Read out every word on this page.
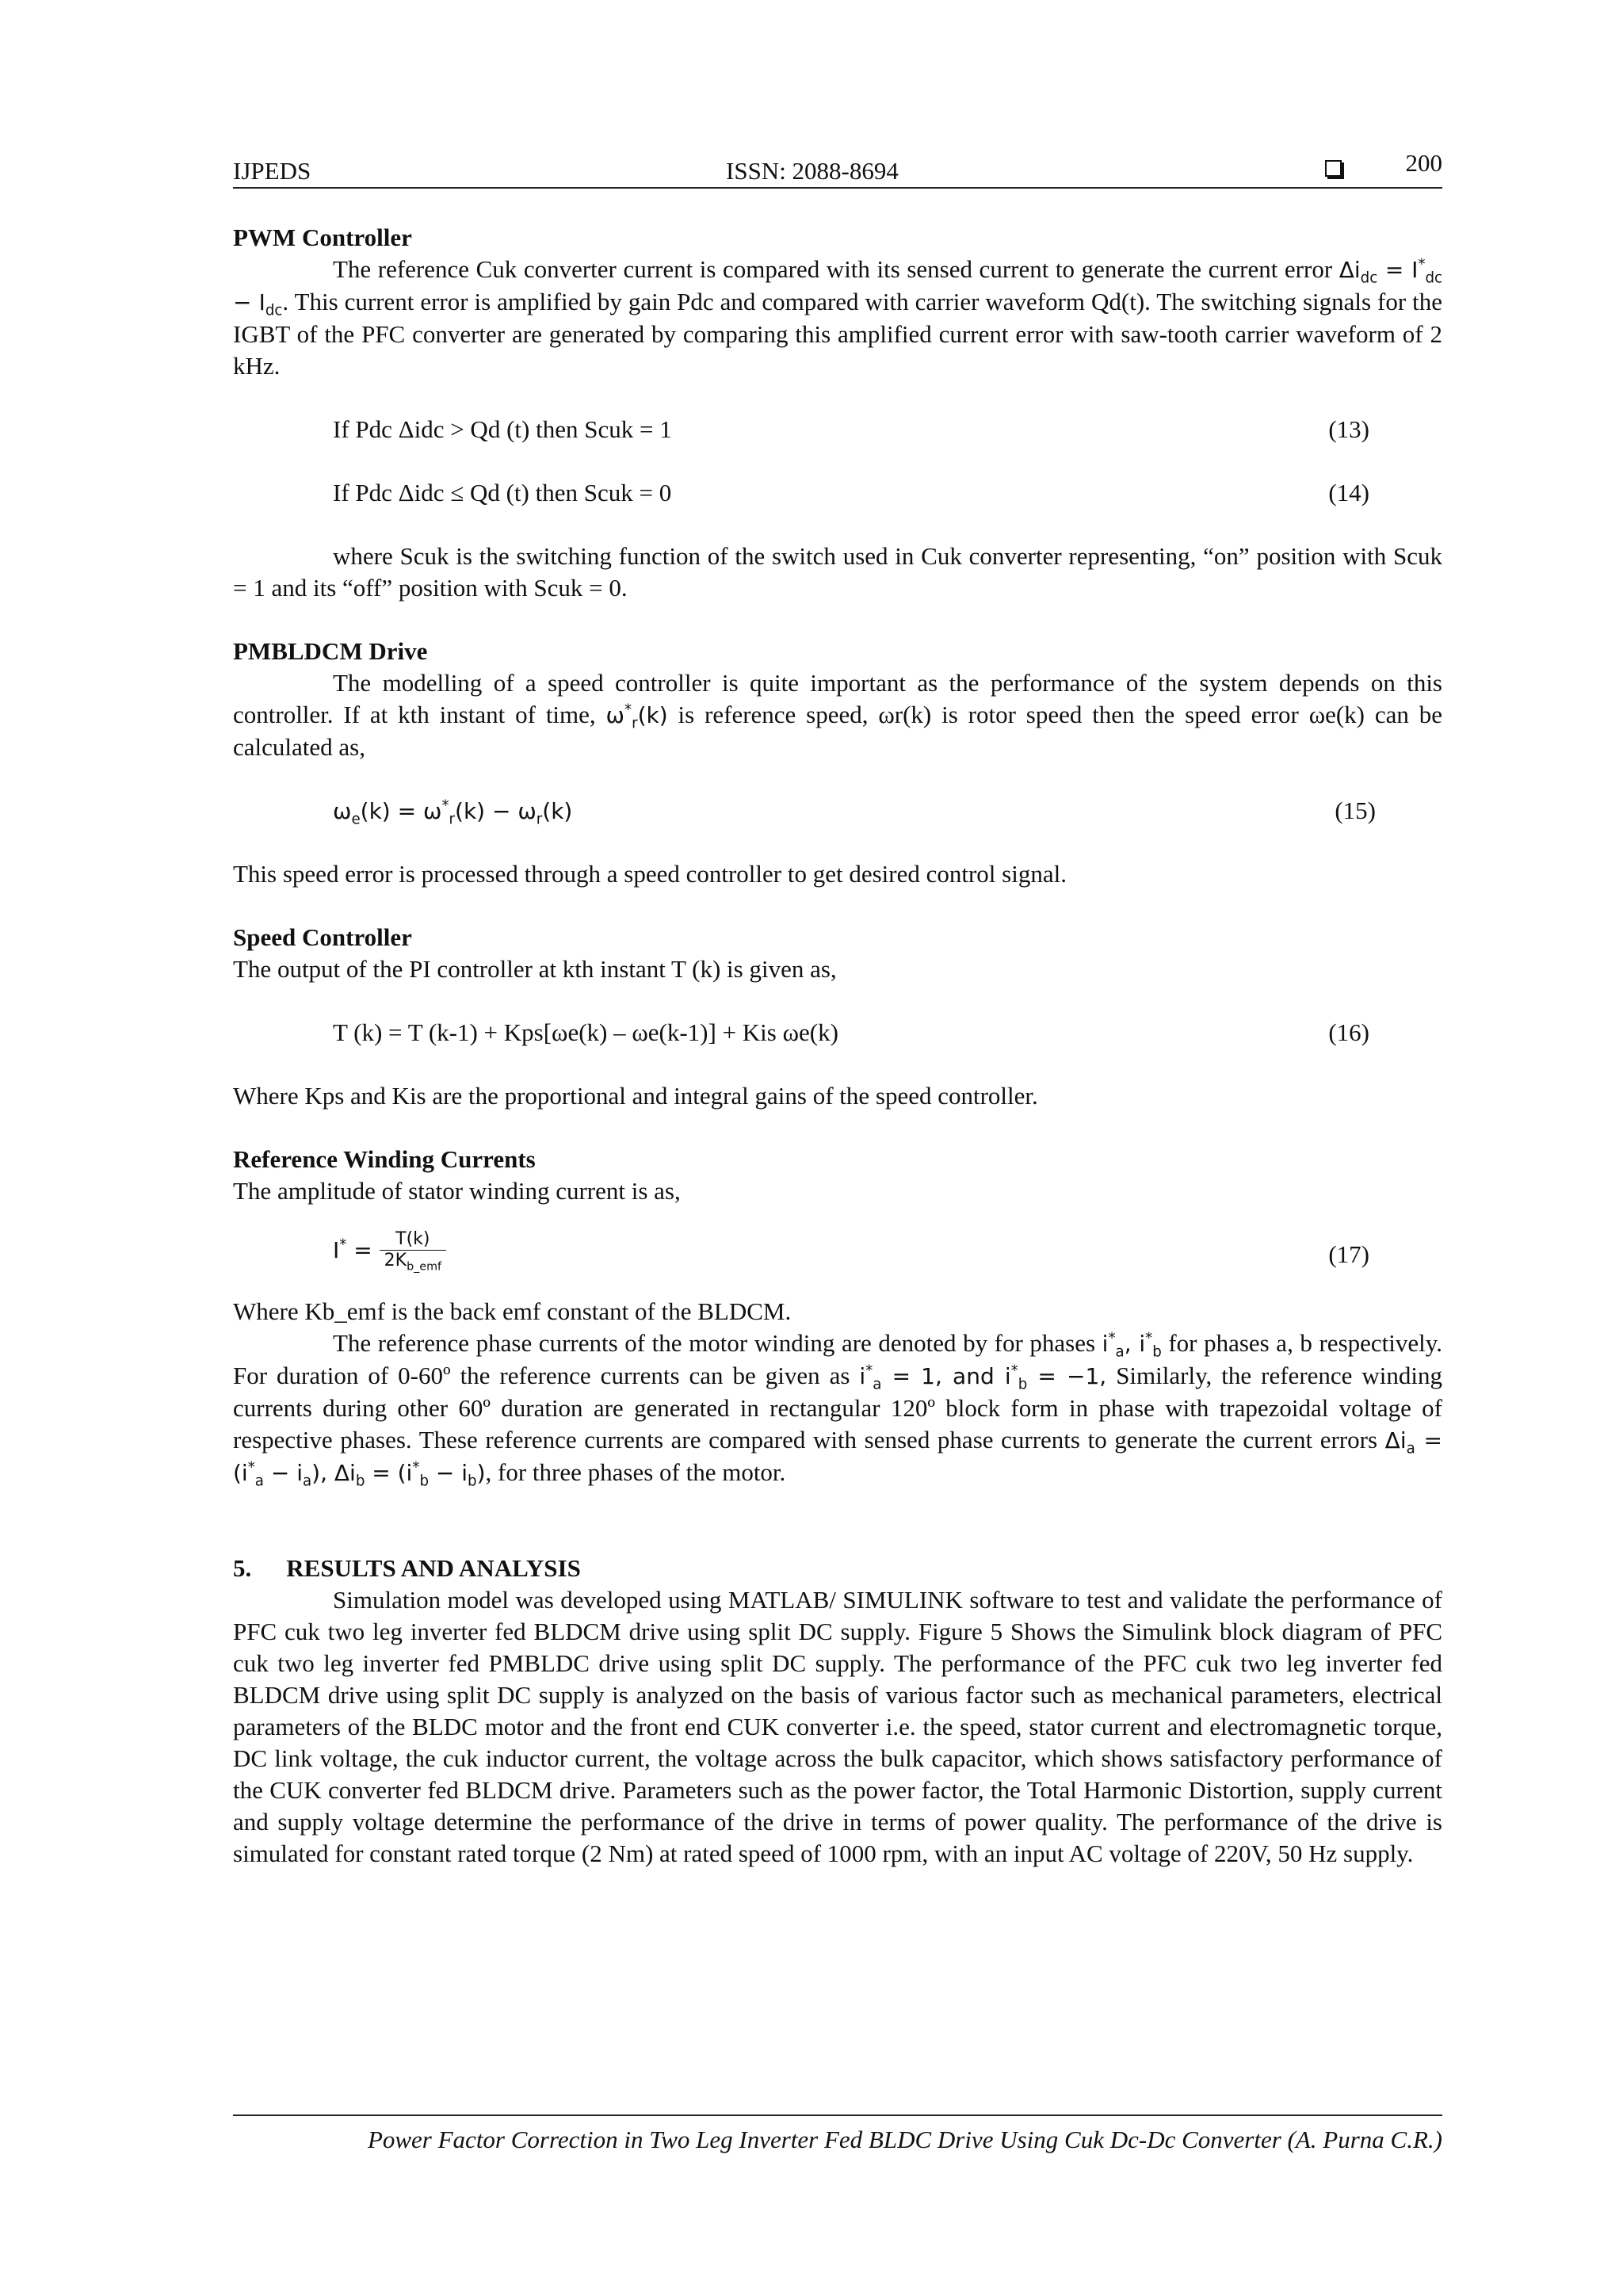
IJPEDS	ISSN: 2088-8694	200

PWM Controller

The reference Cuk converter current is compared with its sensed current to generate the current error $\Delta i_{dc} = I^*_{dc} - I_{dc}$. This current error is amplified by gain Pdc and compared with carrier waveform Qd(t). The switching signals for the IGBT of the PFC converter are generated by comparing this amplified current error with saw-tooth carrier waveform of 2 kHz.

If Pdc Δidc > Qd (t) then Scuk = 1	(13)
If Pdc Δidc ≤ Qd (t) then Scuk = 0	(14)

where Scuk is the switching function of the switch used in Cuk converter representing, “on” position with Scuk = 1 and its “off” position with Scuk = 0.

PMBLDCM Drive

The modelling of a speed controller is quite important as the performance of the system depends on this controller. If at kth instant of time, $\omega^*_r(k)$ is reference speed, ωr(k) is rotor speed then the speed error ωe(k) can be calculated as,

$\omega_e(k) = \omega^*_r(k) - \omega_r(k)$	(15)

This speed error is processed through a speed controller to get desired control signal.

Speed Controller

The output of the PI controller at kth instant T (k) is given as,

T (k) = T (k-1) + Kps[ωe(k) – ωe(k-1)] + Kis ωe(k)	(16)

Where Kps and Kis are the proportional and integral gains of the speed controller.

Reference Winding Currents

The amplitude of stator winding current is as,

$I^* = \frac{T(k)}{2K_{b\_emf}}$	(17)

Where Kb_emf is the back emf constant of the BLDCM.

The reference phase currents of the motor winding are denoted by for phases $i^*_a$, $i^*_b$ for phases a, b respectively. For duration of 0-60º the reference currents can be given as $i^*_a = 1$, and $i^*_b = -1$, Similarly, the reference winding currents during other 60º duration are generated in rectangular 120º block form in phase with trapezoidal voltage of respective phases. These reference currents are compared with sensed phase currents to generate the current errors $\Delta i_a = (i^*_a - i_a)$, $\Delta i_b = (i^*_b - i_b)$, for three phases of the motor.

5. RESULTS AND ANALYSIS

Simulation model was developed using MATLAB/ SIMULINK software to test and validate the performance of PFC cuk two leg inverter fed BLDCM drive using split DC supply. Figure 5 Shows the Simulink block diagram of PFC cuk two leg inverter fed PMBLDC drive using split DC supply. The performance of the PFC cuk two leg inverter fed BLDCM drive using split DC supply is analyzed on the basis of various factor such as mechanical parameters, electrical parameters of the BLDC motor and the front end CUK converter i.e. the speed, stator current and electromagnetic torque, DC link voltage, the cuk inductor current, the voltage across the bulk capacitor, which shows satisfactory performance of the CUK converter fed BLDCM drive. Parameters such as the power factor, the Total Harmonic Distortion, supply current and supply voltage determine the performance of the drive in terms of power quality. The performance of the drive is simulated for constant rated torque (2 Nm) at rated speed of 1000 rpm, with an input AC voltage of 220V, 50 Hz supply.

Power Factor Correction in Two Leg Inverter Fed BLDC Drive Using Cuk Dc-Dc Converter (A. Purna C.R.)
